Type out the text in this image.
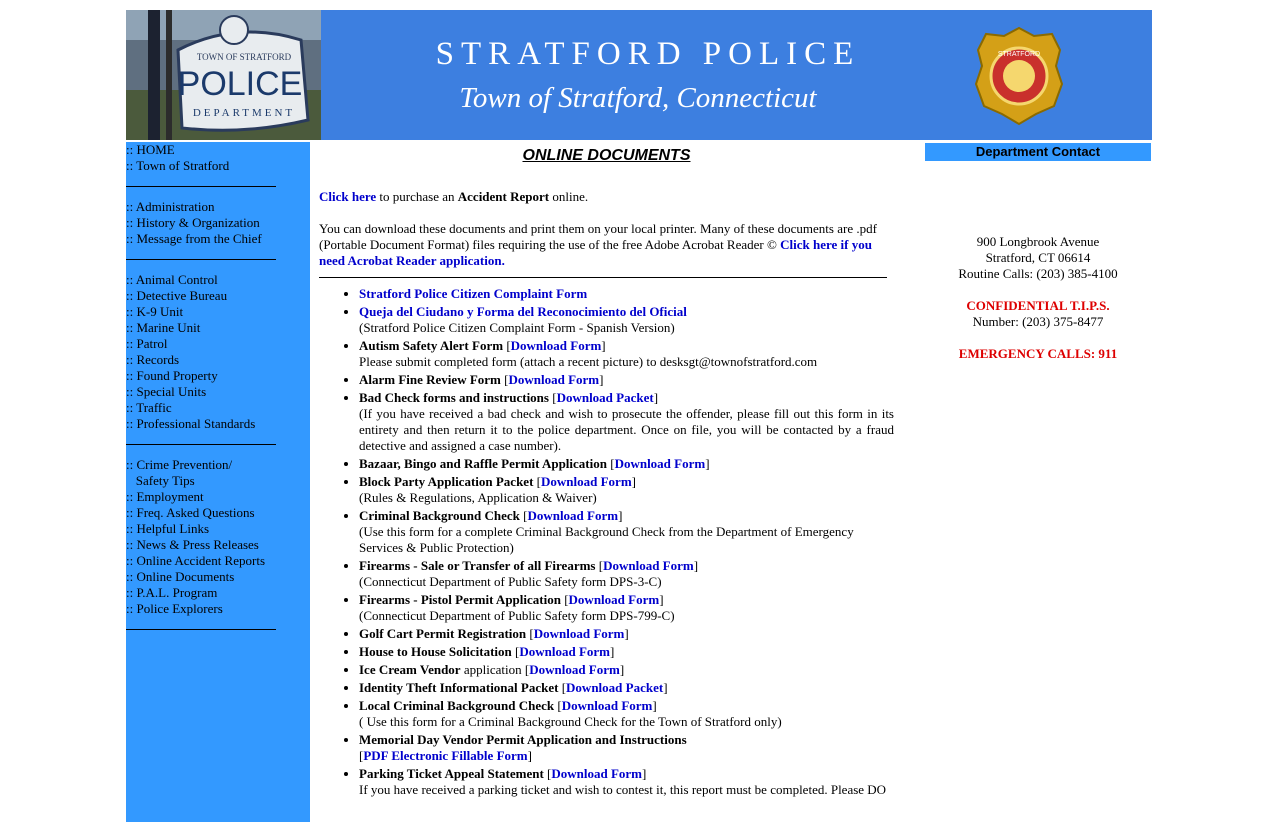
TOWN OF STRATFORD
POLICE
DEPARTMENT
STRATFORD POLICE
Town of Stratford, Connecticut
STRATFORD
:: HOME
:: Town of Stratford
:: Administration
:: History & Organization
:: Message from the Chief
:: Animal Control
:: Detective Bureau
:: K-9 Unit
:: Marine Unit
:: Patrol
:: Records
:: Found Property
:: Special Units
:: Traffic
:: Professional Standards
:: Crime Prevention/
Safety Tips
:: Employment
:: Freq. Asked Questions
:: Helpful Links
:: News & Press Releases
:: Online Accident Reports
:: Online Documents
:: P.A.L. Program
:: Police Explorers
ONLINE DOCUMENTS

Click here to purchase an Accident Report online.

You can download these documents and print them on your local printer. Many of these documents are .pdf (Portable Document Format) files requiring the use of the free Adobe Acrobat Reader © Click here if you need Acrobat Reader application.

• Stratford Police Citizen Complaint Form
• Queja del Ciudano y Forma del Reconocimiento del Oficial
(Stratford Police Citizen Complaint Form - Spanish Version)
• Autism Safety Alert Form [Download Form]
Please submit completed form (attach a recent picture) to desksgt@townofstratford.com
• Alarm Fine Review Form [Download Form]
• Bad Check forms and instructions [Download Packet]
(If you have received a bad check and wish to prosecute the offender, please fill out this form in its entirety and then return it to the police department. Once on file, you will be contacted by a fraud detective and assigned a case number).
• Bazaar, Bingo and Raffle Permit Application [Download Form]
• Block Party Application Packet [Download Form]
(Rules & Regulations, Application & Waiver)
• Criminal Background Check [Download Form]
(Use this form for a complete Criminal Background Check from the Department of Emergency Services & Public Protection)
• Firearms - Sale or Transfer of all Firearms [Download Form]
(Connecticut Department of Public Safety form DPS-3-C)
• Firearms - Pistol Permit Application [Download Form]
(Connecticut Department of Public Safety form DPS-799-C)
• Golf Cart Permit Registration [Download Form]
• House to House Solicitation [Download Form]
• Ice Cream Vendor application [Download Form]
• Identity Theft Informational Packet [Download Packet]
• Local Criminal Background Check [Download Form]
( Use this form for a Criminal Background Check for the Town of Stratford only)
• Memorial Day Vendor Permit Application and Instructions
[PDF Electronic Fillable Form]
• Parking Ticket Appeal Statement [Download Form]
If you have received a parking ticket and wish to contest it, this report must be completed. Please DO
Department Contact

900 Longbrook Avenue

Stratford, CT 06614

Routine Calls: (203) 385-4100

CONFIDENTIAL T.I.P.S.

Number: (203) 375-8477

EMERGENCY CALLS: 911
